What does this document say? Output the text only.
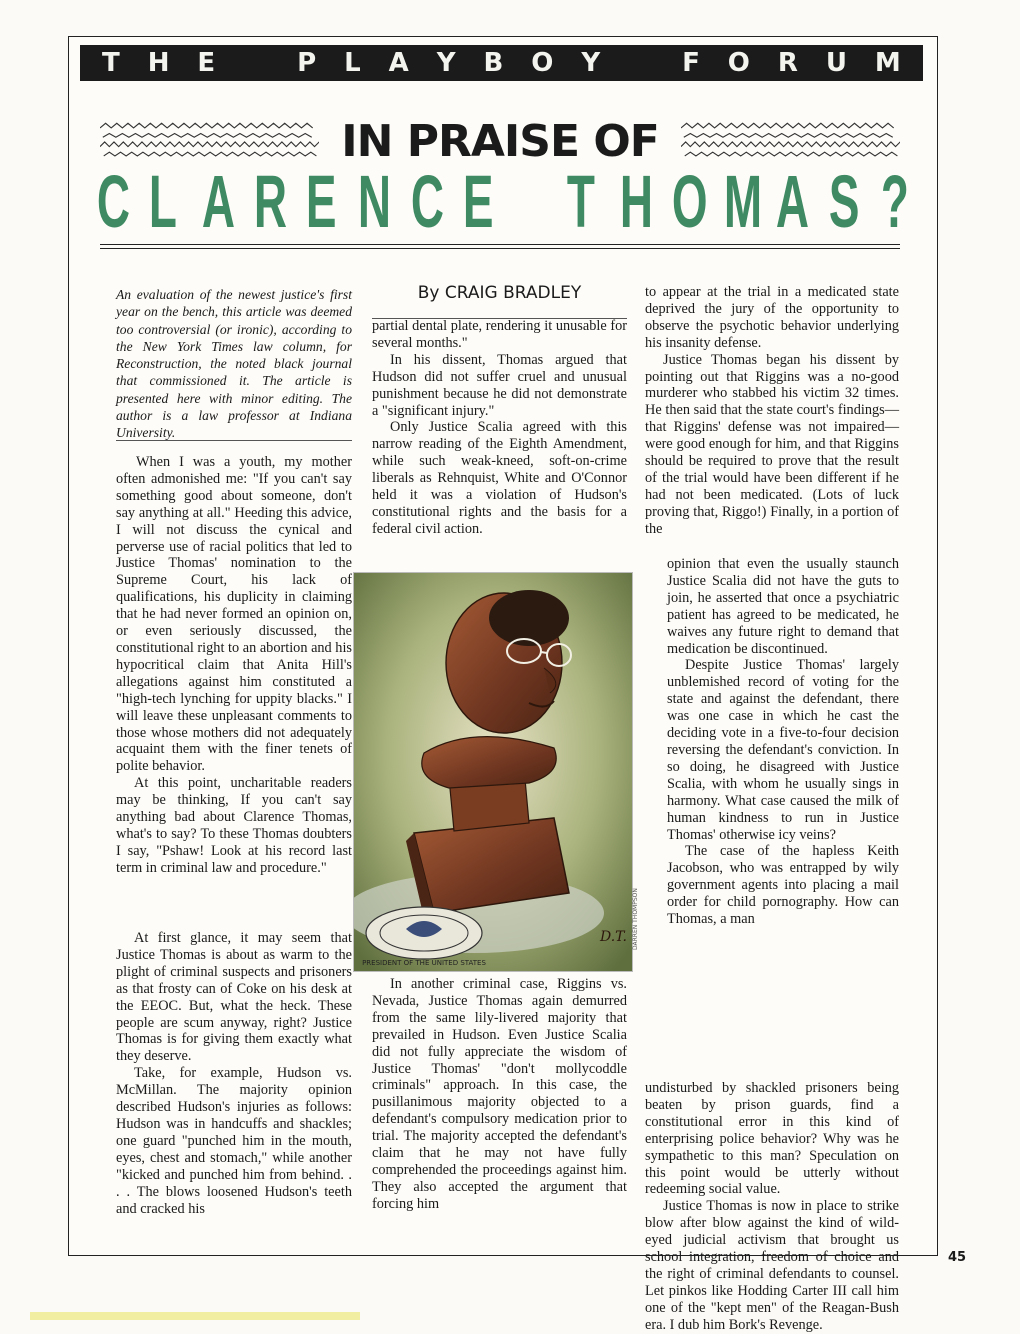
T H E	P L A Y B O Y	F O R U M
IN PRAISE OF
C L A R E N C E T H O M A S ?

An evaluation of the newest justice's first year on the bench, this article was deemed too controversial (or ironic), according to the New York Times law column, for Reconstruction, the noted black journal that commissioned it. The article is presented here with minor editing. The author is a law professor at Indiana University.

When I was a youth, my mother often admonished me: "If you can't say something good about someone, don't say anything at all." Heeding this advice, I will not discuss the cynical and perverse use of racial politics that led to Justice Thomas' nomination to the Supreme Court, his lack of qualifications, his duplicity in claiming that he had never formed an opinion on, or even seriously discussed, the constitutional right to an abortion and his hypocritical claim that Anita Hill's allegations against him constituted a "high-tech lynching for uppity blacks." I will leave these unpleasant comments to those whose mothers did not adequately acquaint them with the finer tenets of polite behavior.

At this point, uncharitable readers may be thinking, If you can't say anything bad about Clarence Thomas, what's to say? To these Thomas doubters I say, "Pshaw! Look at his record last term in criminal law and procedure."

At first glance, it may seem that Justice Thomas is about as warm to the plight of criminal suspects and prisoners as that frosty can of Coke on his desk at the EEOC. But, what the heck. These people are scum anyway, right? Justice Thomas is for giving them exactly what they deserve.

Take, for example, Hudson vs. McMillan. The majority opinion described Hudson's injuries as follows: Hudson was in handcuffs and shackles; one guard "punched him in the mouth, eyes, chest and stomach," while another "kicked and punched him from behind. . . . The blows loosened Hudson's teeth and cracked his

By CRAIG BRADLEY

partial dental plate, rendering it unusable for several months."

In his dissent, Thomas argued that Hudson did not suffer cruel and unusual punishment because he did not demonstrate a "significant injury."

Only Justice Scalia agreed with this narrow reading of the Eighth Amendment, while such weak-kneed, soft-on-crime liberals as Rehnquist, White and O'Connor held it was a violation of Hudson's constitutional rights and the basis for a federal civil action.

PRESIDENT OF THE UNITED STATES
D.T. DARREN THOMPSON

In another criminal case, Riggins vs. Nevada, Justice Thomas again demurred from the same lily-livered majority that prevailed in Hudson. Even Justice Scalia did not fully appreciate the wisdom of Justice Thomas' "don't mollycoddle criminals" approach. In this case, the pusillanimous majority objected to a defendant's compulsory medication prior to trial. The majority accepted the defendant's claim that he may not have fully comprehended the proceedings against him. They also accepted the argument that forcing him

to appear at the trial in a medicated state deprived the jury of the opportunity to observe the psychotic behavior underlying his insanity defense.

Justice Thomas began his dissent by pointing out that Riggins was a no-good murderer who stabbed his victim 32 times. He then said that the state court's findings—that Riggins' defense was not impaired—were good enough for him, and that Riggins should be required to prove that the result of the trial would have been different if he had not been medicated. (Lots of luck proving that, Riggo!) Finally, in a portion of the

opinion that even the usually staunch Justice Scalia did not have the guts to join, he asserted that once a psychiatric patient has agreed to be medicated, he waives any future right to demand that medication be discontinued.

Despite Justice Thomas' largely unblemished record of voting for the state and against the defendant, there was one case in which he cast the deciding vote in a five-to-four decision reversing the defendant's conviction. In so doing, he disagreed with Justice Scalia, with whom he usually sings in harmony. What case caused the milk of human kindness to run in Justice Thomas' otherwise icy veins?

The case of the hapless Keith Jacobson, who was entrapped by wily government agents into placing a mail order for child pornography. How can Thomas, a man

undisturbed by shackled prisoners being beaten by prison guards, find a constitutional error in this kind of enterprising police behavior? Why was he sympathetic to this man? Speculation on this point would be utterly without redeeming social value.

Justice Thomas is now in place to strike blow after blow against the kind of wild-eyed judicial activism that brought us school integration, freedom of choice and the right of criminal defendants to counsel. Let pinkos like Hodding Carter III call him one of the "kept men" of the Reagan-Bush era. I dub him Bork's Revenge.

45
